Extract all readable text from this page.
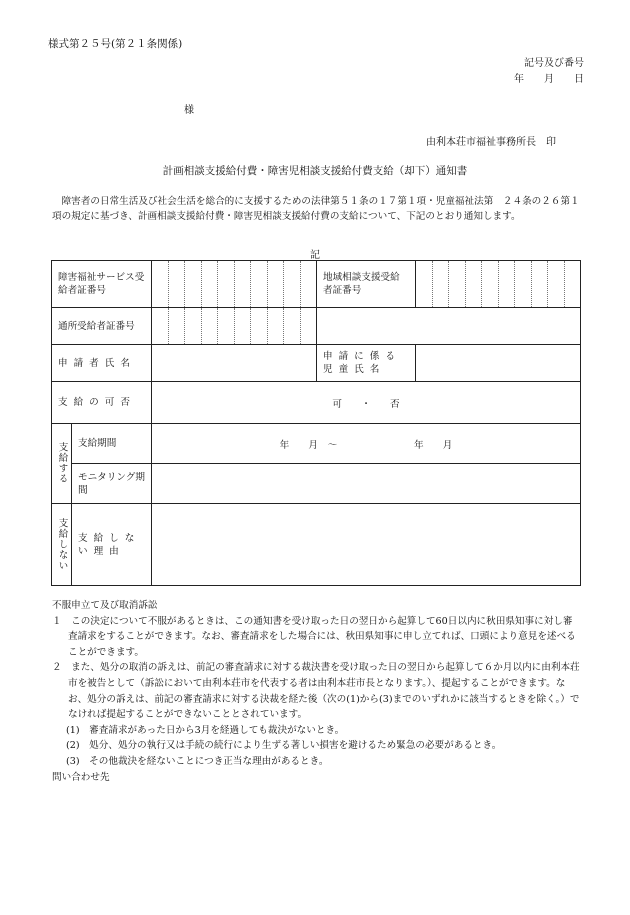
様式第２５号(第２１条関係)
記号及び番号
年　　月　　日
様
由利本荘市福祉事務所長　印
計画相談支援給付費・障害児相談支援給付費支給（却下）通知書
障害者の日常生活及び社会生活を総合的に支援するための法律第５１条の１７第１項・児童福祉法第　２４条の２６第１項の規定に基づき、計画相談支援給付費・障害児相談支援給付費の支給について、下記のとおり通知します。
記
障害福祉サービス受給者証番号			地域相談支援受給者証番号	

通所受給者証番号				

申請者氏名			申請に係る児童氏名	

支給の可否		可　　・　　否		

支給する	支給期間	年　　月　～　　　　　　　　年　　月		

	モニタリング期間			

支給しない	支給しない理由			

不服申立て及び取消訴訟

１　この決定について不服があるときは、この通知書を受け取った日の翌日から起算して60日以内に秋田県知事に対し審査請求をすることができます。なお、審査請求をした場合には、秋田県知事に申し立てれば、口頭により意見を述べることができます。

２　また、処分の取消の訴えは、前記の審査請求に対する裁決書を受け取った日の翌日から起算して６か月以内に由利本荘市を被告として（訴訟において由利本荘市を代表する者は由利本荘市長となります。）、提起することができます。なお、処分の訴えは、前記の審査請求に対する決裁を経た後（次の(1)から(3)までのいずれかに該当するときを除く。）でなければ提起することができないこととされています。

(1)　審査請求があった日から3月を経過しても裁決がないとき。

(2)　処分、処分の執行又は手続の続行により生ずる著しい損害を避けるため緊急の必要があるとき。

(3)　その他裁決を経ないことにつき正当な理由があるとき。

問い合わせ先
